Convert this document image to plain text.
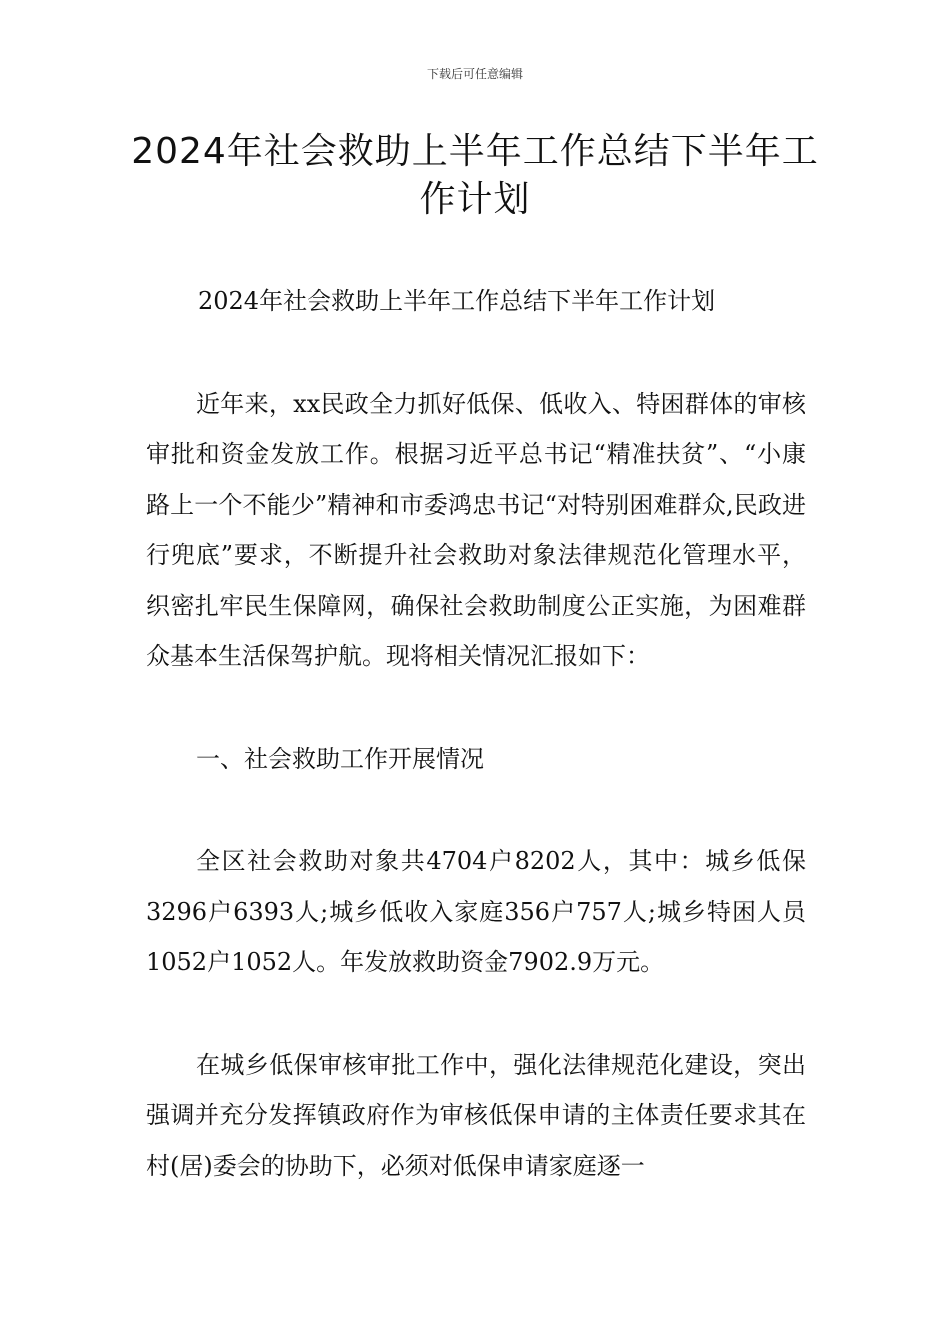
下载后可任意编辑
2024年社会救助上半年工作总结下半年工作计划

2024年社会救助上半年工作总结下半年工作计划

近年来，xx民政全力抓好低保、低收入、特困群体的审核审批和资金发放工作。根据习近平总书记“精准扶贫”、“小康路上一个不能少”精神和市委鸿忠书记“对特别困难群众,民政进行兜底”要求，不断提升社会救助对象法律规范化管理水平，织密扎牢民生保障网，确保社会救助制度公正实施，为困难群众基本生活保驾护航。现将相关情况汇报如下：

一、社会救助工作开展情况

全区社会救助对象共4704户8202人，其中：城乡低保3296户6393人;城乡低收入家庭356户757人;城乡特困人员1052户1052人。年发放救助资金7902.9万元。

在城乡低保审核审批工作中，强化法律规范化建设，突出强调并充分发挥镇政府作为审核低保申请的主体责任要求其在村(居)委会的协助下，必须对低保申请家庭逐一
